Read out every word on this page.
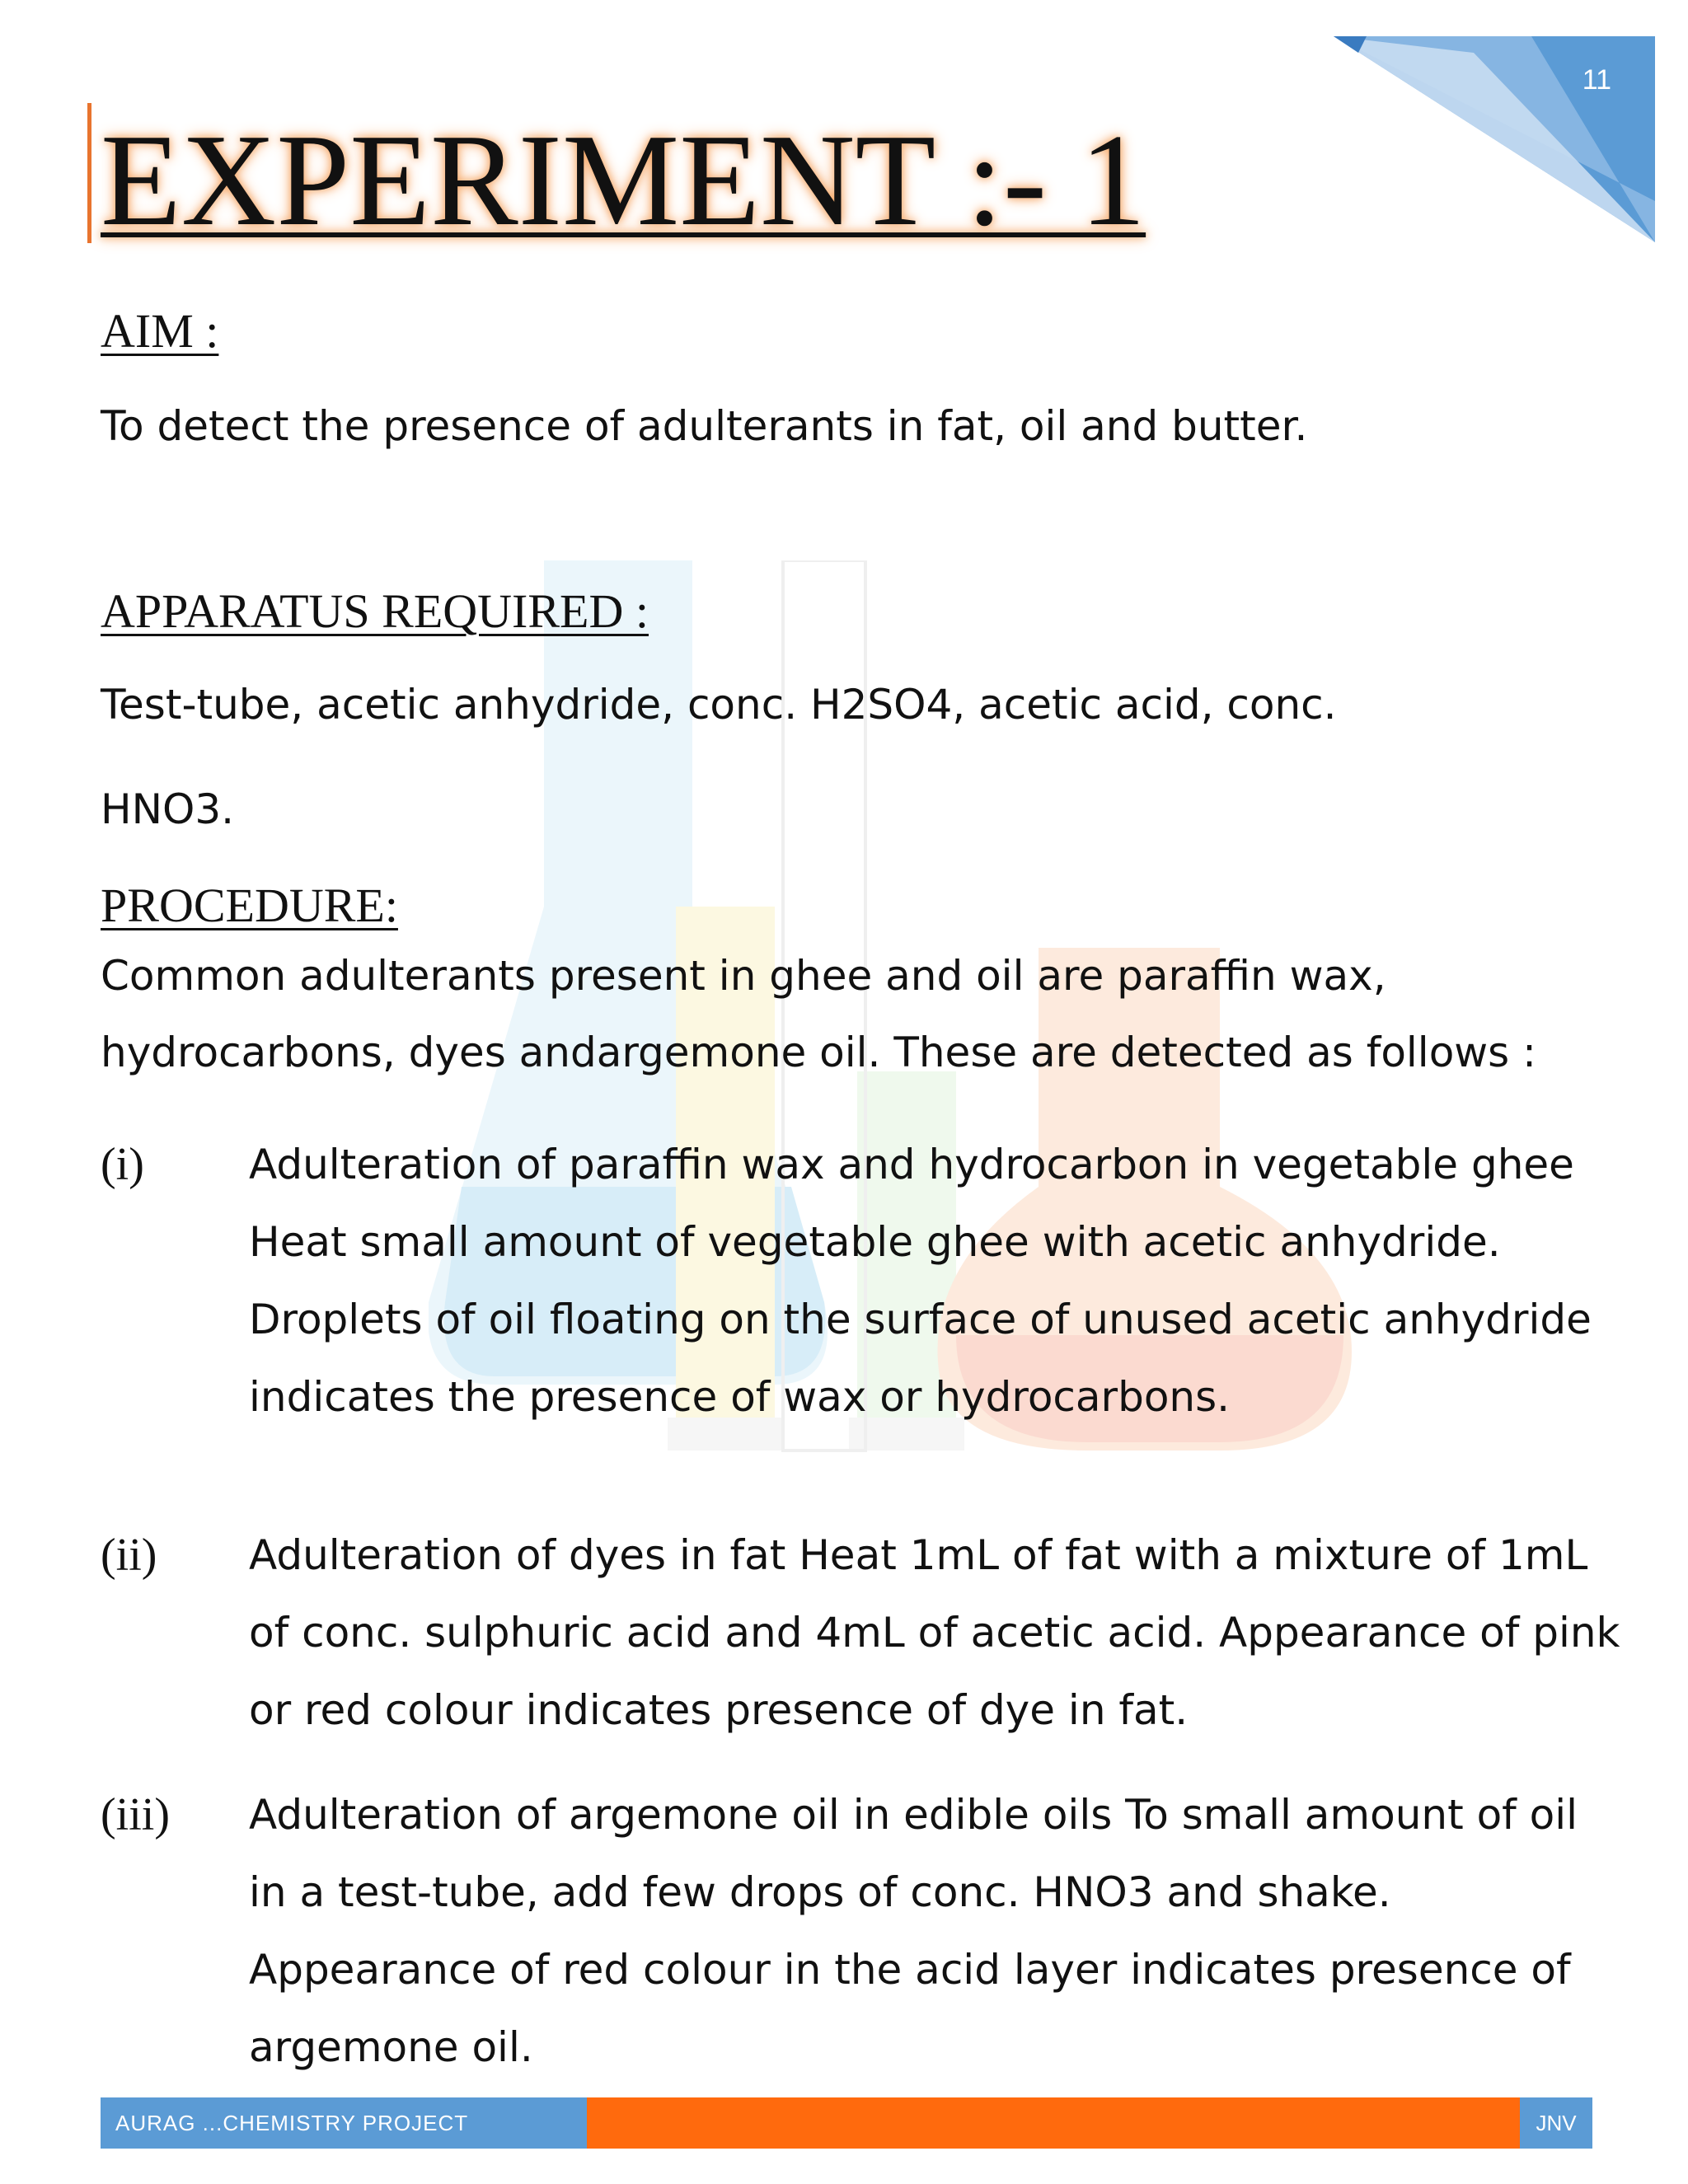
11
EXPERIMENT :- 1
AIM :

To detect the presence of adulterants in fat, oil and butter.

APPARATUS REQUIRED :

Test-tube, acetic anhydride, conc. H2SO4, acetic acid, conc.

HNO3.

PROCEDURE:

Common adulterants present in ghee and oil are paraffin wax,

hydrocarbons, dyes andargemone oil. These are detected as follows :

(i)	Adulteration of paraffin wax and hydrocarbon in vegetable ghee
Heat small amount of vegetable ghee with acetic anhydride.
Droplets of oil floating on the surface of unused acetic anhydride
indicates the presence of wax or hydrocarbons.
(ii) Adulteration of dyes in fat Heat 1mL of fat with a mixture of 1mL
of conc. sulphuric acid and 4mL of acetic acid. Appearance of pink
or red colour indicates presence of dye in fat.
(iii) Adulteration of argemone oil in edible oils To small amount of oil
in a test-tube, add few drops of conc. HNO3 and shake.
Appearance of red colour in the acid layer indicates presence of
argemone oil.
AURAG ...CHEMISTRY PROJECT	JNV
